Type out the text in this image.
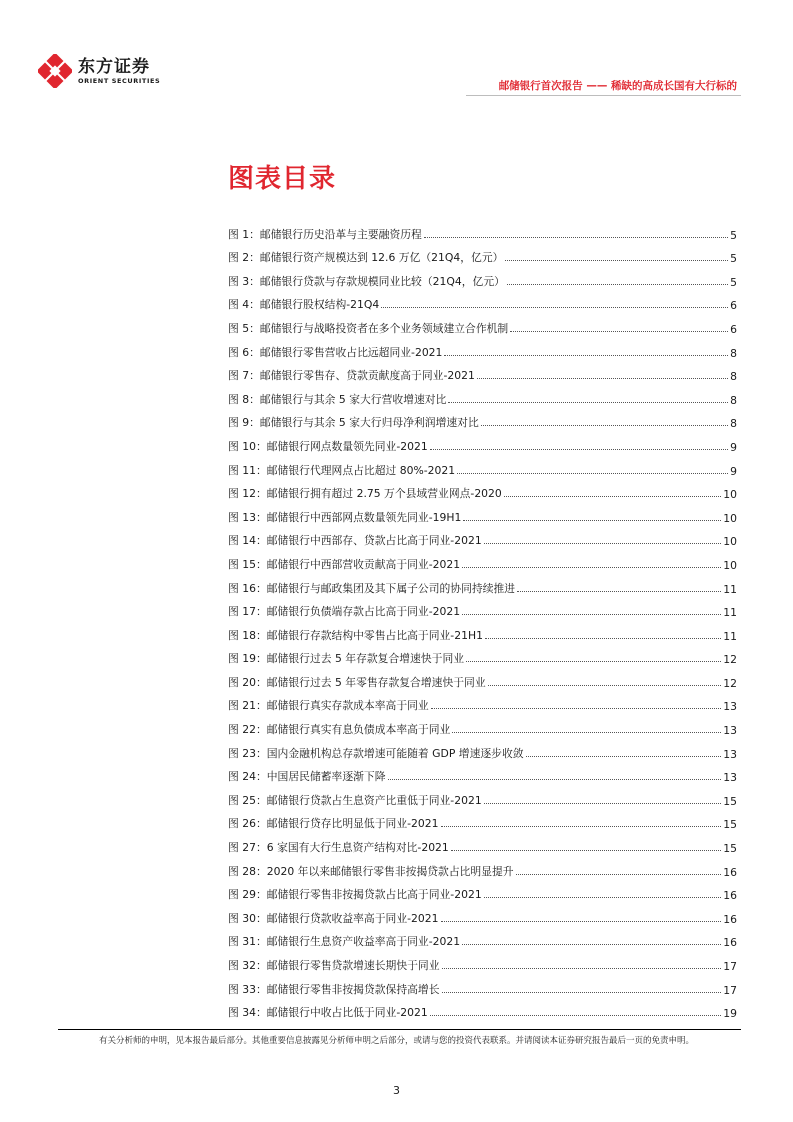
东方证券
ORIENT SECURITIES	邮储银行首次报告 —— 稀缺的高成长国有大行标的
图表目录
图 1：邮储银行历史沿革与主要融资历程	5
图 2：邮储银行资产规模达到 12.6 万亿（21Q4，亿元）	5
图 3：邮储银行贷款与存款规模同业比较（21Q4，亿元）	5
图 4：邮储银行股权结构-21Q4	6
图 5：邮储银行与战略投资者在多个业务领域建立合作机制	6
图 6：邮储银行零售营收占比远超同业-2021	8
图 7：邮储银行零售存、贷款贡献度高于同业-2021	8
图 8：邮储银行与其余 5 家大行营收增速对比	8
图 9：邮储银行与其余 5 家大行归母净利润增速对比	8
图 10：邮储银行网点数量领先同业-2021	9
图 11：邮储银行代理网点占比超过 80%-2021	9
图 12：邮储银行拥有超过 2.75 万个县域营业网点-2020	10
图 13：邮储银行中西部网点数量领先同业-19H1	10
图 14：邮储银行中西部存、贷款占比高于同业-2021	10
图 15：邮储银行中西部营收贡献高于同业-2021	10
图 16：邮储银行与邮政集团及其下属子公司的协同持续推进	11
图 17：邮储银行负债端存款占比高于同业-2021	11
图 18：邮储银行存款结构中零售占比高于同业-21H1	11
图 19：邮储银行过去 5 年存款复合增速快于同业	12
图 20：邮储银行过去 5 年零售存款复合增速快于同业	12
图 21：邮储银行真实存款成本率高于同业	13
图 22：邮储银行真实有息负债成本率高于同业	13
图 23：国内金融机构总存款增速可能随着 GDP 增速逐步收敛	13
图 24：中国居民储蓄率逐渐下降	13
图 25：邮储银行贷款占生息资产比重低于同业-2021	15
图 26：邮储银行贷存比明显低于同业-2021	15
图 27：6 家国有大行生息资产结构对比-2021	15
图 28：2020 年以来邮储银行零售非按揭贷款占比明显提升	16
图 29：邮储银行零售非按揭贷款占比高于同业-2021	16
图 30：邮储银行贷款收益率高于同业-2021	16
图 31：邮储银行生息资产收益率高于同业-2021	16
图 32：邮储银行零售贷款增速长期快于同业	17
图 33：邮储银行零售非按揭贷款保持高增长	17
图 34：邮储银行中收占比低于同业-2021	19
有关分析师的申明，见本报告最后部分。其他重要信息披露见分析师申明之后部分，或请与您的投资代表联系。并请阅读本证券研究报告最后一页的免责申明。
3
